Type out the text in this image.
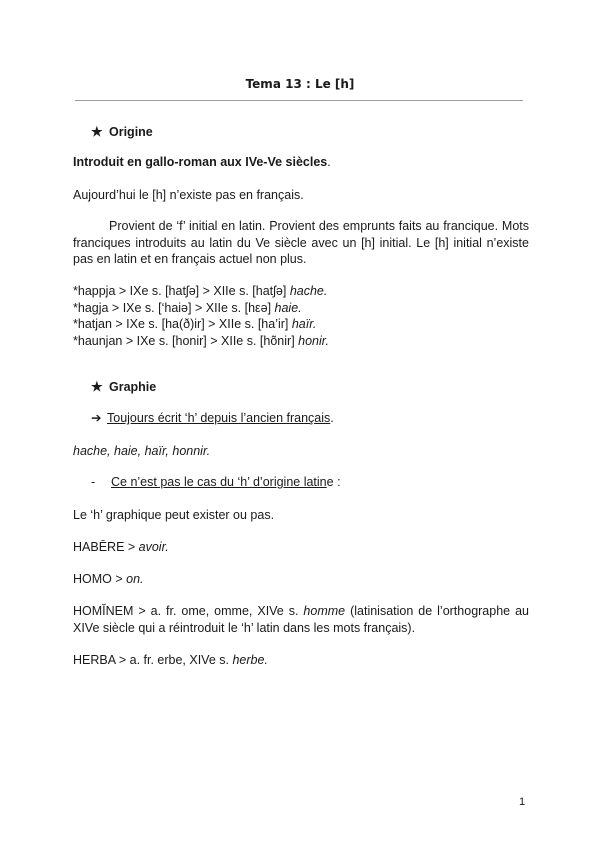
Tema 13 : Le [h]
★ Origine
Introduit en gallo-roman aux IVe-Ve siècles.
Aujourd’hui le [h] n’existe pas en français.
Provient de ‘f’ initial en latin. Provient des emprunts faits au francique. Mots franciques introduits au latin du Ve siècle avec un [h] initial. Le [h] initial n’existe pas en latin et en français actuel non plus.
*happja > IXe s. [hatʃə] > XIIe s. [hatʃə] hache.
*hagja > IXe s. [‘haiə] > XIIe s. [hεə] haie.
*hatjan > IXe s. [ha(ð)ir] > XIIe s. [ha’ir] haïr.
*haunjan > IXe s. [honir] > XIIe s. [hõnir] honir.
★ Graphie
➔ Toujours écrit ‘h’ depuis l’ancien français.
hache, haie, haïr, honnir.
- Ce n’est pas le cas du ‘h’ d’origine latine :
Le ‘h’ graphique peut exister ou pas.
HABĒRE > avoir.
HOMO > on.
HOMĬNEM > a. fr. ome, omme, XIVe s. homme (latinisation de l’orthographe au XIVe siècle qui a réintroduit le ‘h’ latin dans les mots français).
HERBA > a. fr. erbe, XIVe s. herbe.
1
